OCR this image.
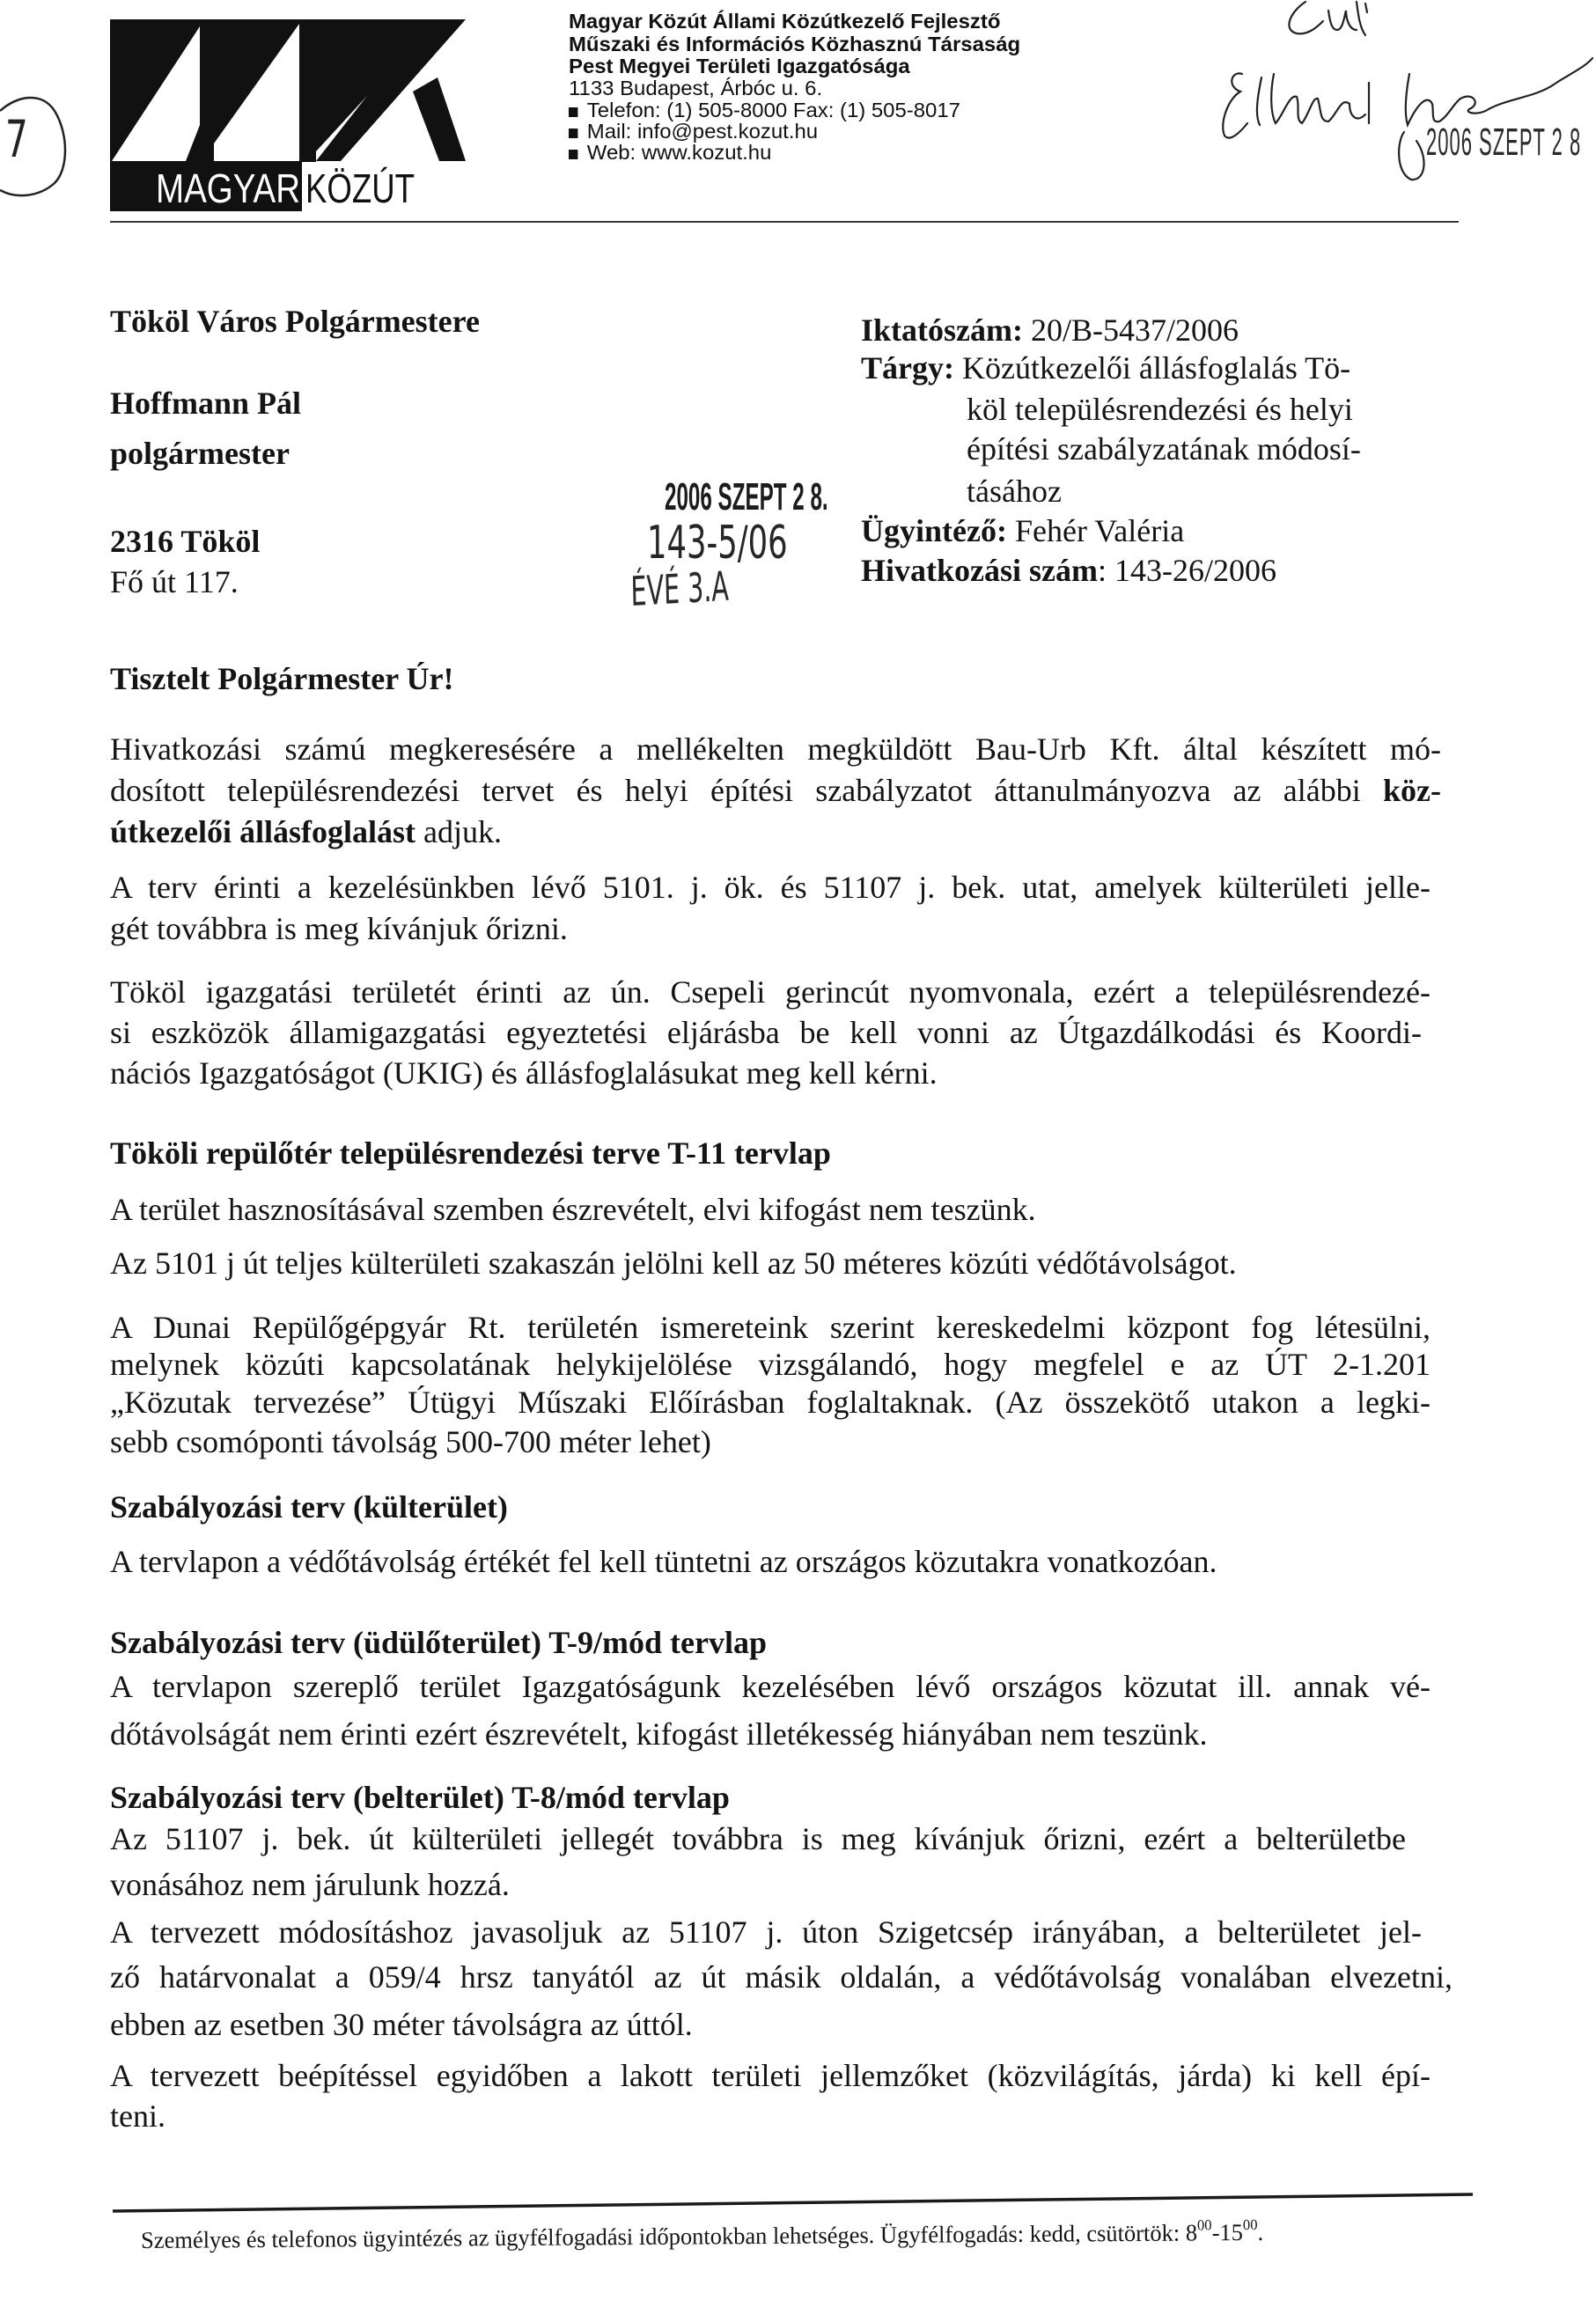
7
MAGYAR KÖZÚT
Magyar Közút Állami Közútkezelő Fejlesztő
Műszaki és Információs Közhasznú Társaság
Pest Megyei Területi Igazgatósága
1133 Budapest, Árbóc u. 6.
Telefon: (1) 505-8000 Fax: (1) 505-8017
Mail: info@pest.kozut.hu
Web: www.kozut.hu	2006 SZEPT 2 8
Tököl Város Polgármestere
Hoffmann Pál
polgármester
2316 Tököl
Fő út 117.
2006 SZEPT 2 8.
143-5/06
ÉVÉ 3.A
Iktatószám: 20/B-5437/2006
Tárgy: Közútkezelői állásfoglalás Tö-
köl településrendezési és helyi
építési szabályzatának módosí-
tásához
Ügyintéző: Fehér Valéria
Hivatkozási szám: 143-26/2006
Tisztelt Polgármester Úr!
Hivatkozási számú megkeresésére a mellékelten megküldött Bau-Urb Kft. által készített mó-
dosított településrendezési tervet és helyi építési szabályzatot áttanulmányozva az alábbi köz-
útkezelői állásfoglalást adjuk.
A terv érinti a kezelésünkben lévő 5101. j. ök. és 51107 j. bek. utat, amelyek külterületi jelle-
gét továbbra is meg kívánjuk őrizni.
Tököl igazgatási területét érinti az ún. Csepeli gerincút nyomvonala, ezért a településrendezé-
si eszközök államigazgatási egyeztetési eljárásba be kell vonni az Útgazdálkodási és Koordi-
nációs Igazgatóságot (UKIG) és állásfoglalásukat meg kell kérni.
Tököli repülőtér településrendezési terve T-11 tervlap
A terület hasznosításával szemben észrevételt, elvi kifogást nem teszünk.
Az 5101 j út teljes külterületi szakaszán jelölni kell az 50 méteres közúti védőtávolságot.
A Dunai Repülőgépgyár Rt. területén ismereteink szerint kereskedelmi központ fog létesülni,
melynek közúti kapcsolatának helykijelölése vizsgálandó, hogy megfelel e az ÚT 2-1.201
„Közutak tervezése” Útügyi Műszaki Előírásban foglaltaknak. (Az összekötő utakon a legki-
sebb csomóponti távolság 500-700 méter lehet)
Szabályozási terv (külterület)
A tervlapon a védőtávolság értékét fel kell tüntetni az országos közutakra vonatkozóan.
Szabályozási terv (üdülőterület) T-9/mód tervlap
A tervlapon szereplő terület Igazgatóságunk kezelésében lévő országos közutat ill. annak vé-
dőtávolságát nem érinti ezért észrevételt, kifogást illetékesség hiányában nem teszünk.
Szabályozási terv (belterület) T-8/mód tervlap
Az 51107 j. bek. út külterületi jellegét továbbra is meg kívánjuk őrizni, ezért a belterületbe
vonásához nem járulunk hozzá.
A tervezett módosításhoz javasoljuk az 51107 j. úton Szigetcsép irányában, a belterületet jel-
ző határvonalat a 059/4 hrsz tanyától az út másik oldalán, a védőtávolság vonalában elvezetni,
ebben az esetben 30 méter távolságra az úttól.
A tervezett beépítéssel egyidőben a lakott területi jellemzőket (közvilágítás, járda) ki kell épí-
teni.
Személyes és telefonos ügyintézés az ügyfélfogadási időpontokban lehetséges. Ügyfélfogadás: kedd, csütörtök: $8^{00}-15^{00}$.
